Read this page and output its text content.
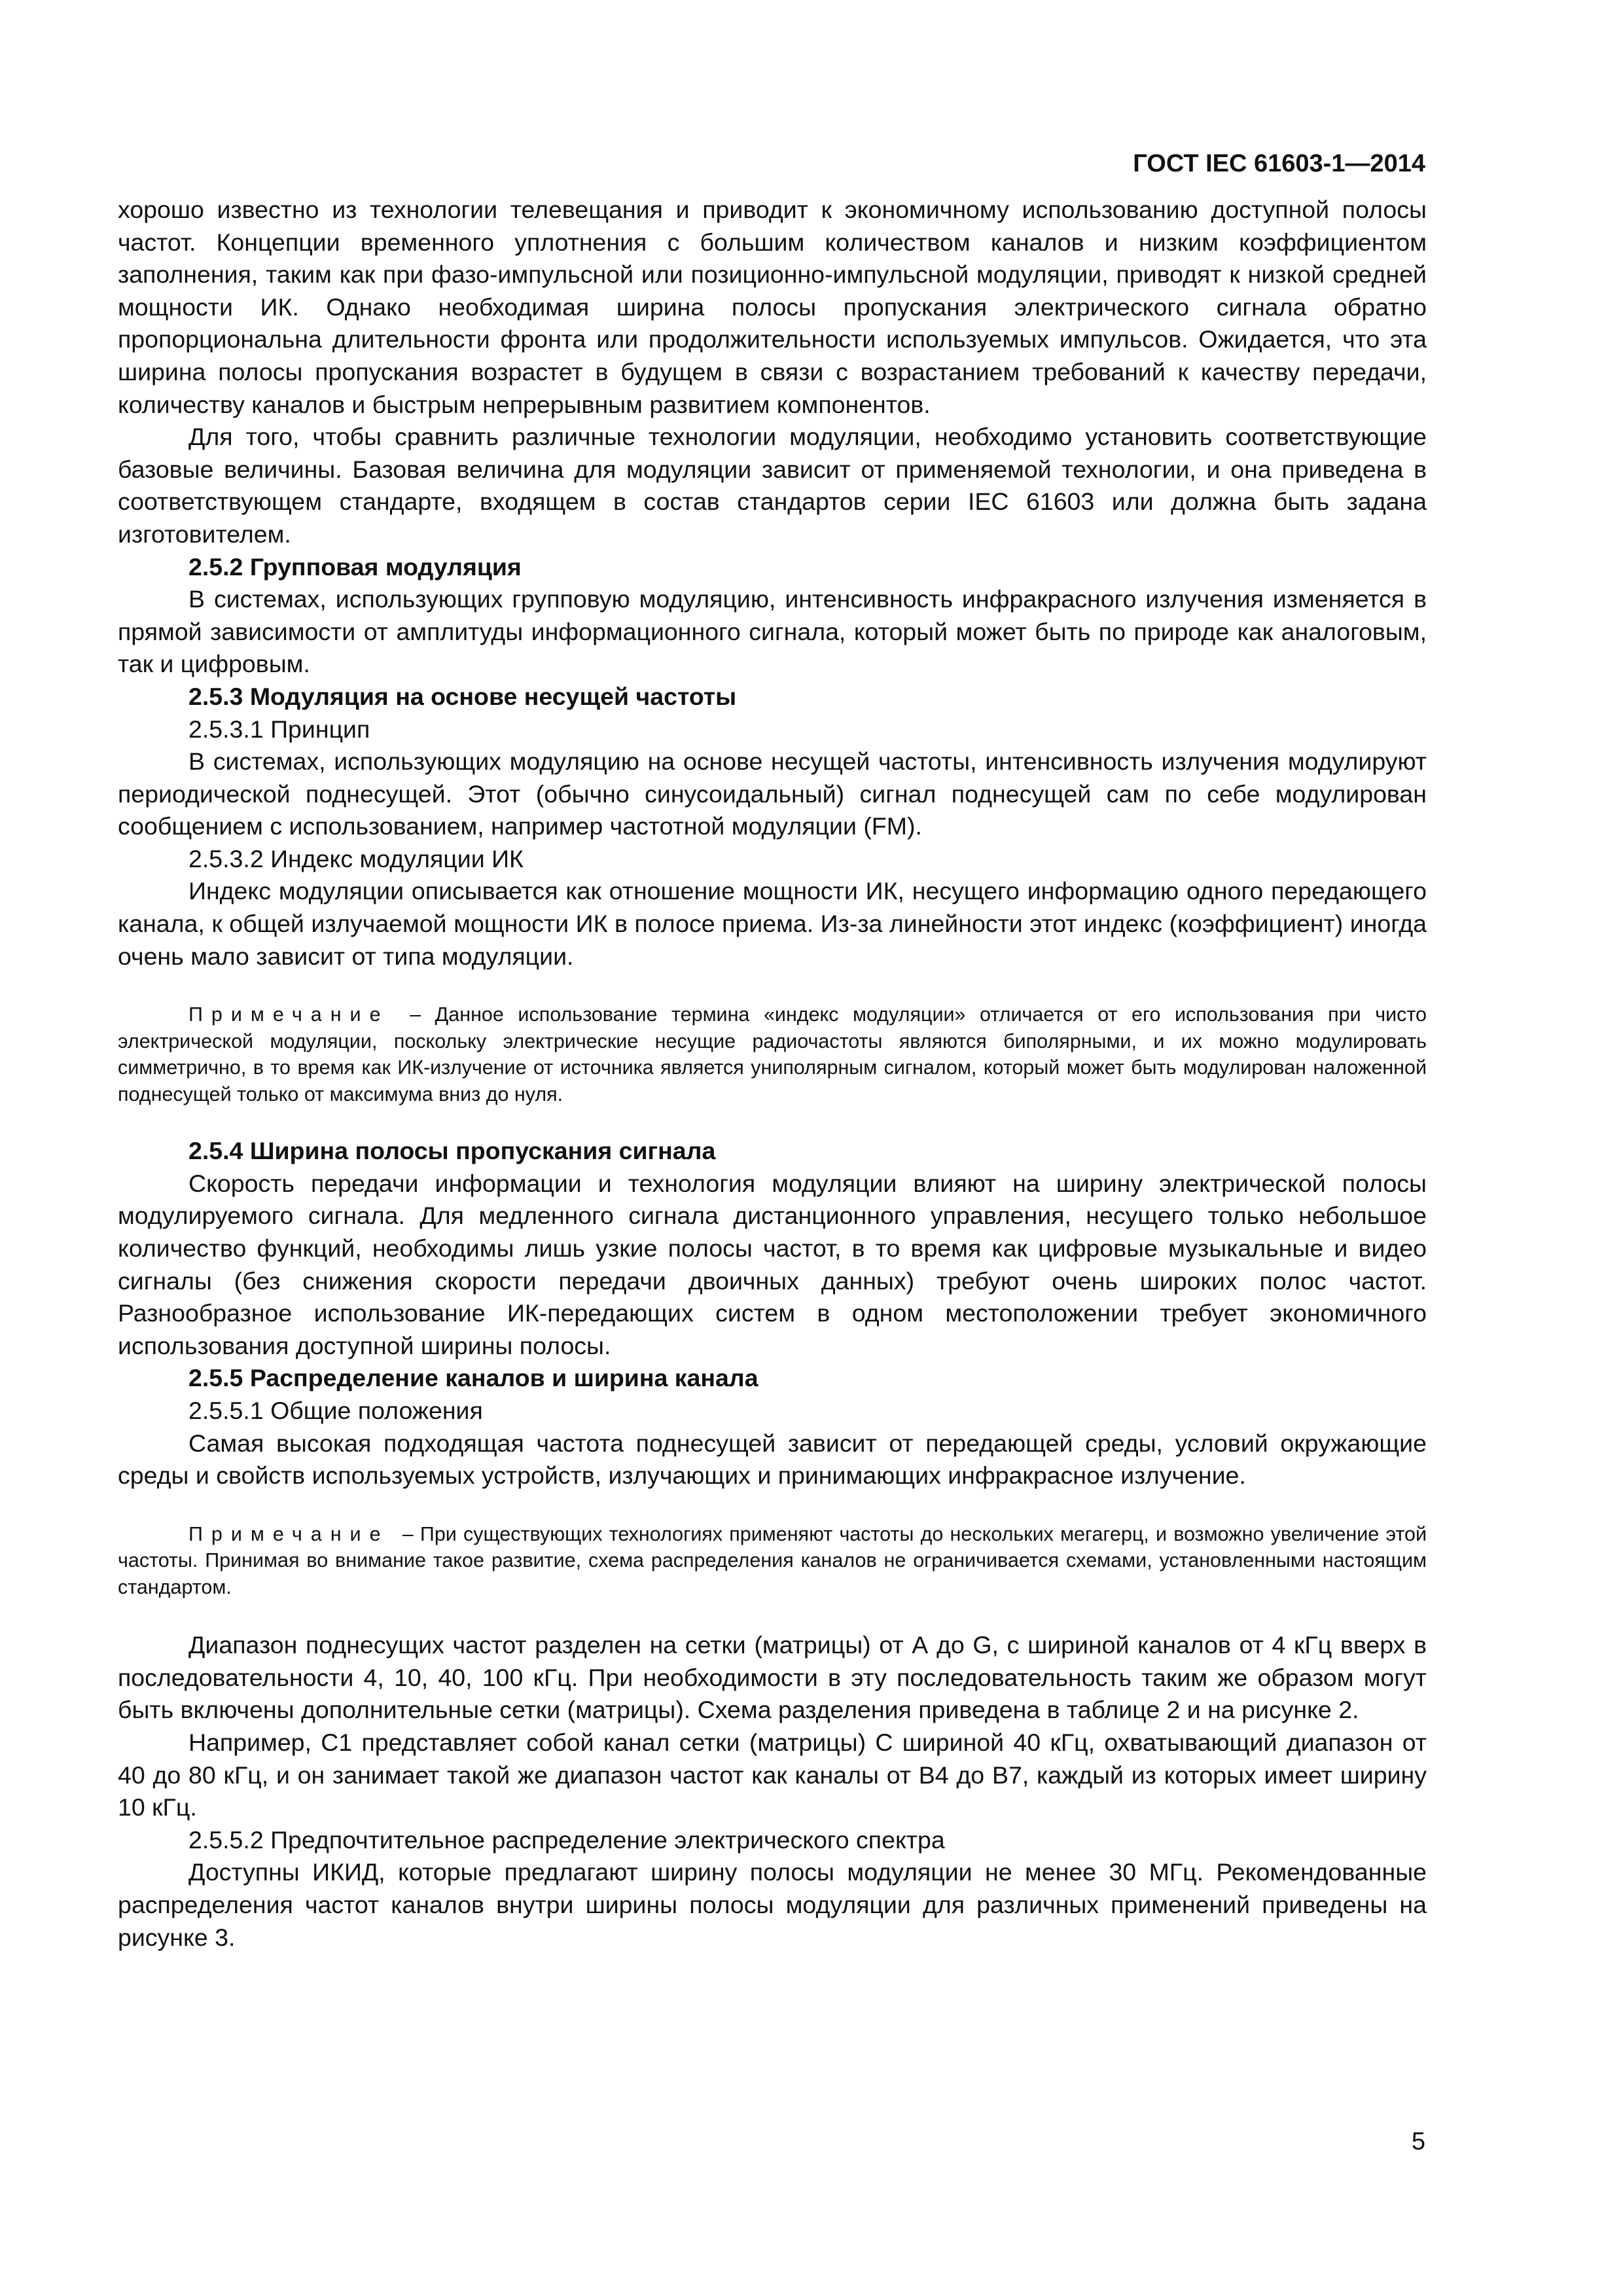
ГОСТ IEC 61603-1—2014

хорошо известно из технологии телевещания и приводит к экономичному использованию доступной полосы частот. Концепции временного уплотнения с большим количеством каналов и низким коэффициентом заполнения, таким как при фазо-импульсной или позиционно-импульсной модуляции, приводят к низкой средней мощности ИК. Однако необходимая ширина полосы пропускания электрического сигнала обратно пропорциональна длительности фронта или продолжительности используемых импульсов. Ожидается, что эта ширина полосы пропускания возрастет в будущем в связи с возрастанием требований к качеству передачи, количеству каналов и быстрым непрерывным развитием компонентов.

Для того, чтобы сравнить различные технологии модуляции, необходимо установить соответствующие базовые величины. Базовая величина для модуляции зависит от применяемой технологии, и она приведена в соответствующем стандарте, входящем в состав стандартов серии IEC 61603 или должна быть задана изготовителем.

2.5.2 Групповая модуляция

В системах, использующих групповую модуляцию, интенсивность инфракрасного излучения изменяется в прямой зависимости от амплитуды информационного сигнала, который может быть по природе как аналоговым, так и цифровым.

2.5.3 Модуляция на основе несущей частоты

2.5.3.1 Принцип

В системах, использующих модуляцию на основе несущей частоты, интенсивность излучения модулируют периодической поднесущей. Этот (обычно синусоидальный) сигнал поднесущей сам по себе модулирован сообщением с использованием, например частотной модуляции (FM).

2.5.3.2 Индекс модуляции ИК

Индекс модуляции описывается как отношение мощности ИК, несущего информацию одного передающего канала, к общей излучаемой мощности ИК в полосе приема. Из-за линейности этот индекс (коэффициент) иногда очень мало зависит от типа модуляции.

Примечание – Данное использование термина «индекс модуляции» отличается от его использования при чисто электрической модуляции, поскольку электрические несущие радиочастоты являются биполярными, и их можно модулировать симметрично, в то время как ИК-излучение от источника является униполярным сигналом, который может быть модулирован наложенной поднесущей только от максимума вниз до нуля.

2.5.4 Ширина полосы пропускания сигнала

Скорость передачи информации и технология модуляции влияют на ширину электрической полосы модулируемого сигнала. Для медленного сигнала дистанционного управления, несущего только небольшое количество функций, необходимы лишь узкие полосы частот, в то время как цифровые музыкальные и видео сигналы (без снижения скорости передачи двоичных данных) требуют очень широких полос частот. Разнообразное использование ИК-передающих систем в одном местоположении требует экономичного использования доступной ширины полосы.

2.5.5 Распределение каналов и ширина канала

2.5.5.1 Общие положения

Самая высокая подходящая частота поднесущей зависит от передающей среды, условий окружающие среды и свойств используемых устройств, излучающих и принимающих инфракрасное излучение.

Примечание – При существующих технологиях применяют частоты до нескольких мегагерц, и возможно увеличение этой частоты. Принимая во внимание такое развитие, схема распределения каналов не ограничивается схемами, установленными настоящим стандартом.

Диапазон поднесущих частот разделен на сетки (матрицы) от А до G, с шириной каналов от 4 кГц вверх в последовательности 4, 10, 40, 100 кГц. При необходимости в эту последовательность таким же образом могут быть включены дополнительные сетки (матрицы). Схема разделения приведена в таблице 2 и на рисунке 2.

Например, С1 представляет собой канал сетки (матрицы) С шириной 40 кГц, охватывающий диапазон от 40 до 80 кГц, и он занимает такой же диапазон частот как каналы от В4 до В7, каждый из которых имеет ширину 10 кГц.

2.5.5.2 Предпочтительное распределение электрического спектра

Доступны ИКИД, которые предлагают ширину полосы модуляции не менее 30 МГц. Рекомендованные распределения частот каналов внутри ширины полосы модуляции для различных применений приведены на рисунке 3.

5
